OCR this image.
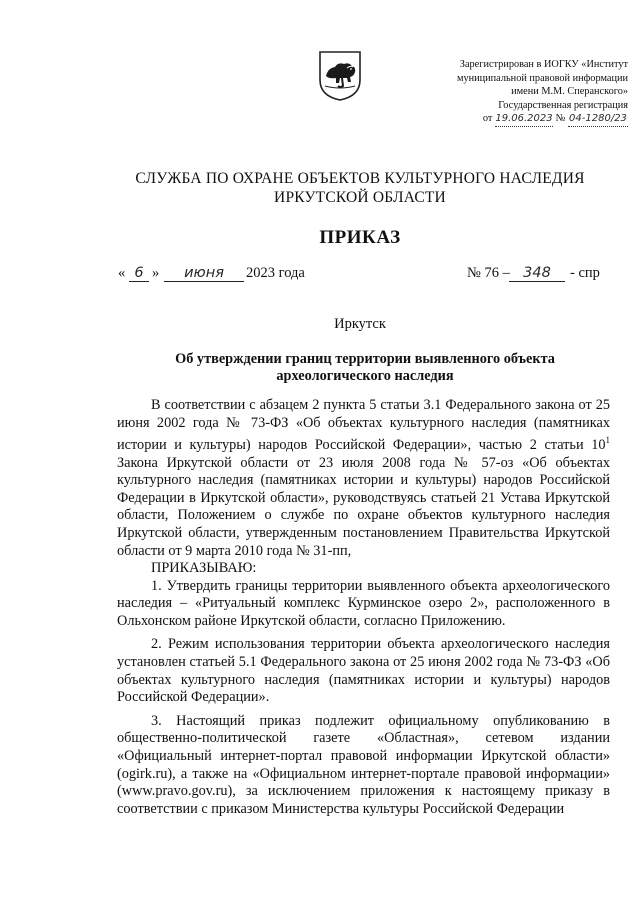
Зарегистрирован в ИОГКУ «Институт
муниципальной правовой информации
имени М.М. Сперанского»
Государственная регистрация
от 19.06.2023 № 04-1280/23
СЛУЖБА ПО ОХРАНЕ ОБЪЕКТОВ КУЛЬТУРНОГО НАСЛЕДИЯ
ИРКУТСКОЙ ОБЛАСТИ
ПРИКАЗ
« 6 »	июня	2023 года	№ 76 – 348	- спр
Иркутск
Об утверждении границ территории выявленного объекта
археологического наследия

В соответствии с абзацем 2 пункта 5 статьи 3.1 Федерального закона от 25 июня 2002 года № 73-ФЗ «Об объектах культурного наследия (памятниках истории и культуры) народов Российской Федерации», частью 2 статьи $10^1$ Закона Иркутской области от 23 июля 2008 года № 57-оз «Об объектах культурного наследия (памятниках истории и культуры) народов Российской Федерации в Иркутской области», руководствуясь статьей 21 Устава Иркутской области, Положением о службе по охране объектов культурного наследия Иркутской области, утвержденным постановлением Правительства Иркутской области от 9 марта 2010 года № 31-пп,

ПРИКАЗЫВАЮ:

1. Утвердить границы территории выявленного объекта археологического наследия – «Ритуальный комплекс Курминское озеро 2», расположенного в Ольхонском районе Иркутской области, согласно Приложению.

2. Режим использования территории объекта археологического наследия установлен статьей 5.1 Федерального закона от 25 июня 2002 года № 73-ФЗ «Об объектах культурного наследия (памятниках истории и культуры) народов Российской Федерации».

3. Настоящий приказ подлежит официальному опубликованию в общественно-политической газете «Областная», сетевом издании «Официальный интернет-портал правовой информации Иркутской области» (ogirk.ru), а также на «Официальном интернет-портале правовой информации» (www.pravo.gov.ru), за исключением приложения к настоящему приказу в соответствии с приказом Министерства культуры Российской Федерации
